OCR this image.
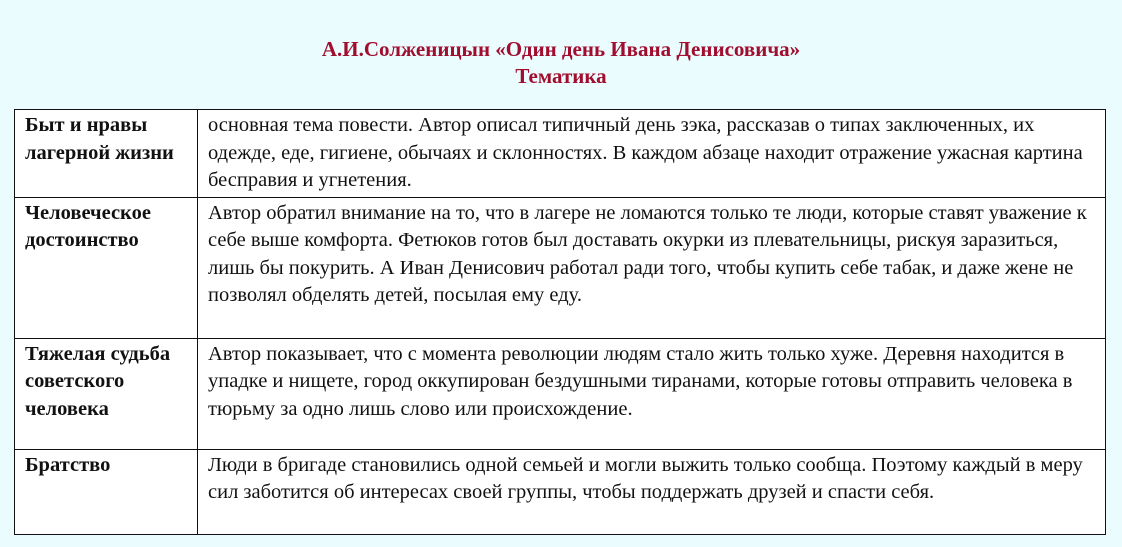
А.И.Солженицын «Один день Ивана Денисовича»
Тематика
Быт и нравы лагерной жизни	основная тема повести. Автор описал типичный день зэка, рассказав о типах заключенных, их одежде, еде, гигиене, обычаях и склонностях. В каждом абзаце находит отражение ужасная картина бесправия и угнетения.
Человеческое достоинство	Автор обратил внимание на то, что в лагере не ломаются только те люди, которые ставят уважение к себе выше комфорта. Фетюков готов был доставать окурки из плевательницы, рискуя заразиться, лишь бы покурить. А Иван Денисович работал ради того, чтобы купить себе табак, и даже жене не позволял обделять детей, посылая ему еду.
Тяжелая судьба советского человека	Автор показывает, что с момента революции людям стало жить только хуже. Деревня находится в упадке и нищете, город оккупирован бездушными тиранами, которые готовы отправить человека в тюрьму за одно лишь слово или происхождение.
Братство	Люди в бригаде становились одной семьей и могли выжить только сообща. Поэтому каждый в меру сил заботится об интересах своей группы, чтобы поддержать друзей и спасти себя.
